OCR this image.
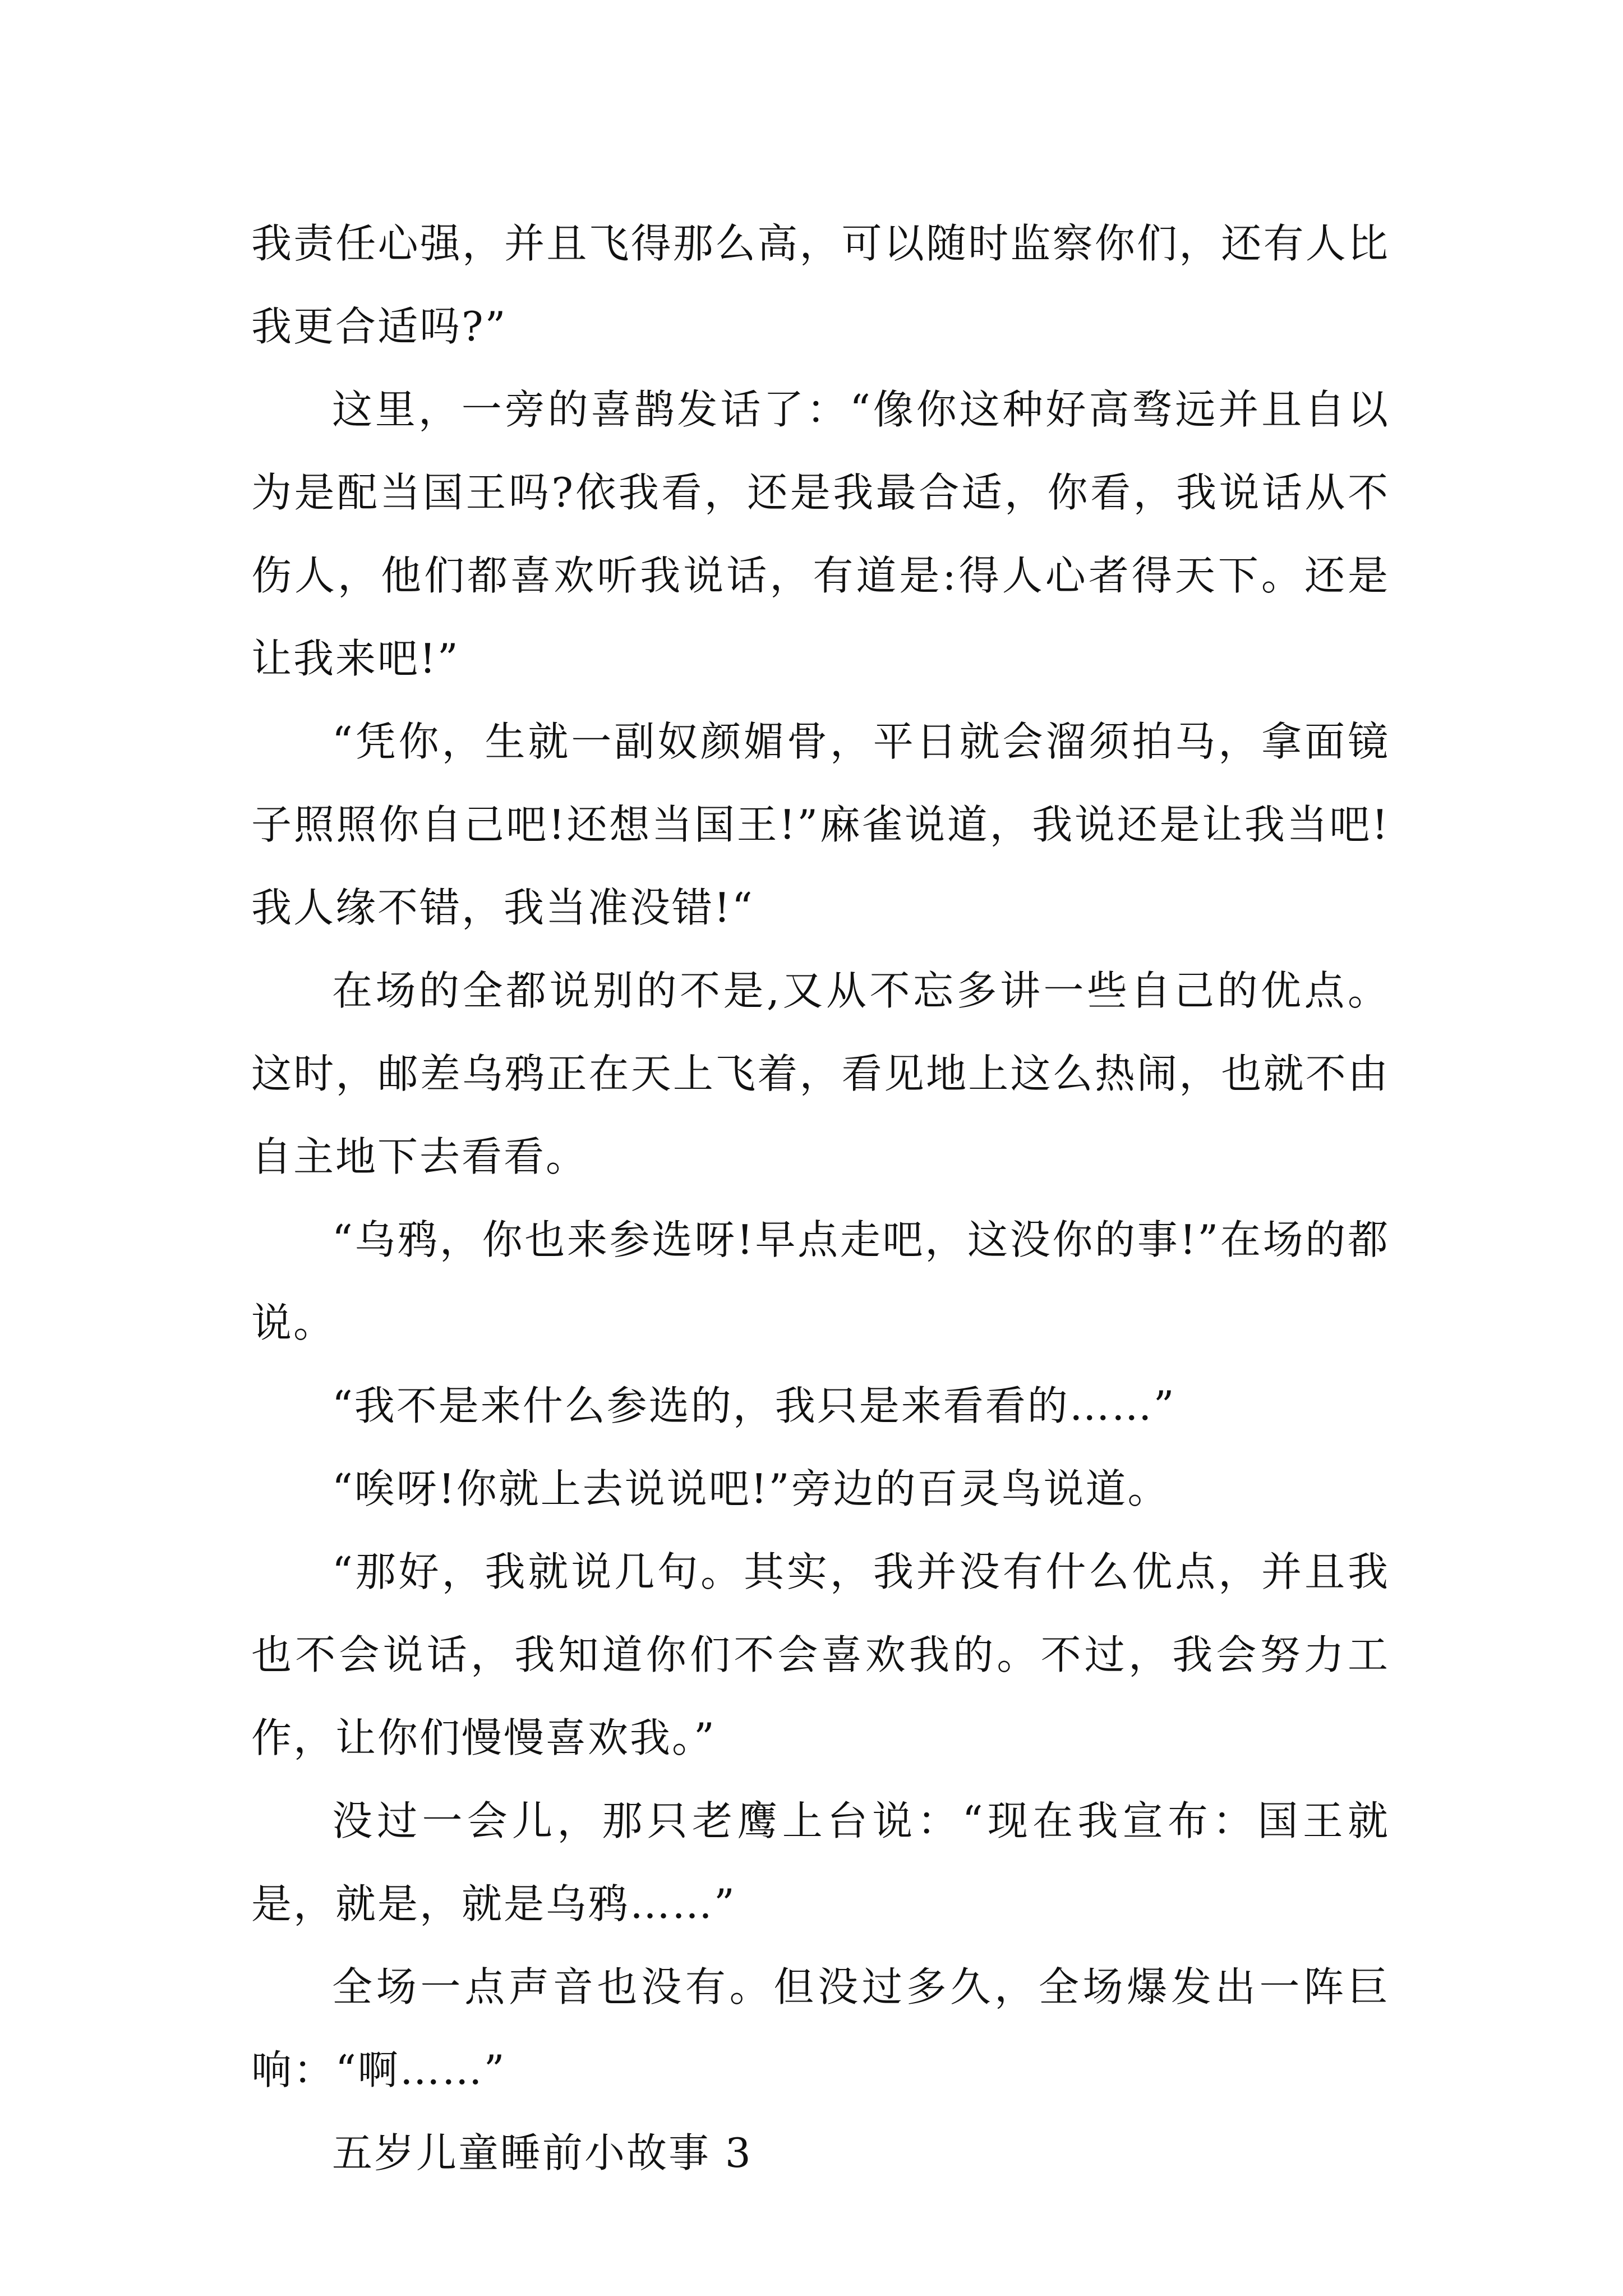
我责任心强，并且飞得那么高，可以随时监察你们，还有人比我更合适吗?”

这里，一旁的喜鹊发话了：“像你这种好高骛远并且自以为是配当国王吗?依我看，还是我最合适，你看，我说话从不伤人，他们都喜欢听我说话，有道是:得人心者得天下。还是让我来吧!”

“凭你，生就一副奴颜媚骨，平日就会溜须拍马，拿面镜子照照你自己吧!还想当国王!”麻雀说道，我说还是让我当吧!我人缘不错，我当准没错!“

在场的全都说别的不是,又从不忘多讲一些自己的优点。这时，邮差乌鸦正在天上飞着，看见地上这么热闹，也就不由自主地下去看看。

“乌鸦，你也来参选呀!早点走吧，这没你的事!”在场的都说。

“我不是来什么参选的，我只是来看看的……”

“唉呀!你就上去说说吧!”旁边的百灵鸟说道。

“那好，我就说几句。其实，我并没有什么优点，并且我也不会说话，我知道你们不会喜欢我的。不过，我会努力工作，让你们慢慢喜欢我。”

没过一会儿，那只老鹰上台说：“现在我宣布：国王就是，就是，就是乌鸦……”

全场一点声音也没有。但没过多久，全场爆发出一阵巨响：“啊……”

五岁儿童睡前小故事 3
